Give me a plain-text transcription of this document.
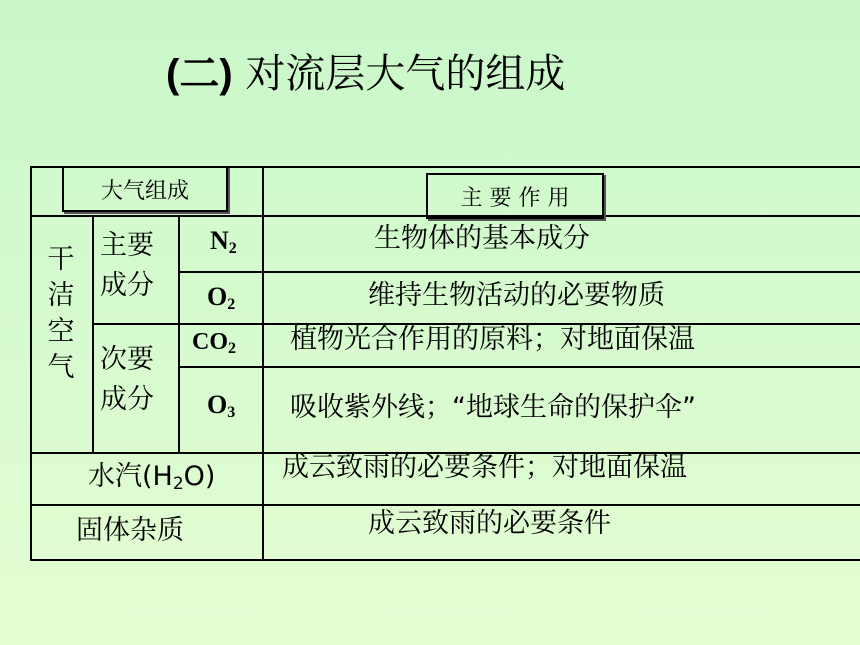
(二) 对流层大气的组成
大气组成	主 要 作 用
干洁空气
主要成分
次要成分
$N_2$
$O_2$
$CO_2$
$O_3$
生物体的基本成分
维持生物活动的必要物质
植物光合作用的原料；对地面保温
吸收紫外线；“地球生命的保护伞”
水汽$(H_2O)$ 成云致雨的必要条件；对地面保温
固体杂质	成云致雨的必要条件
